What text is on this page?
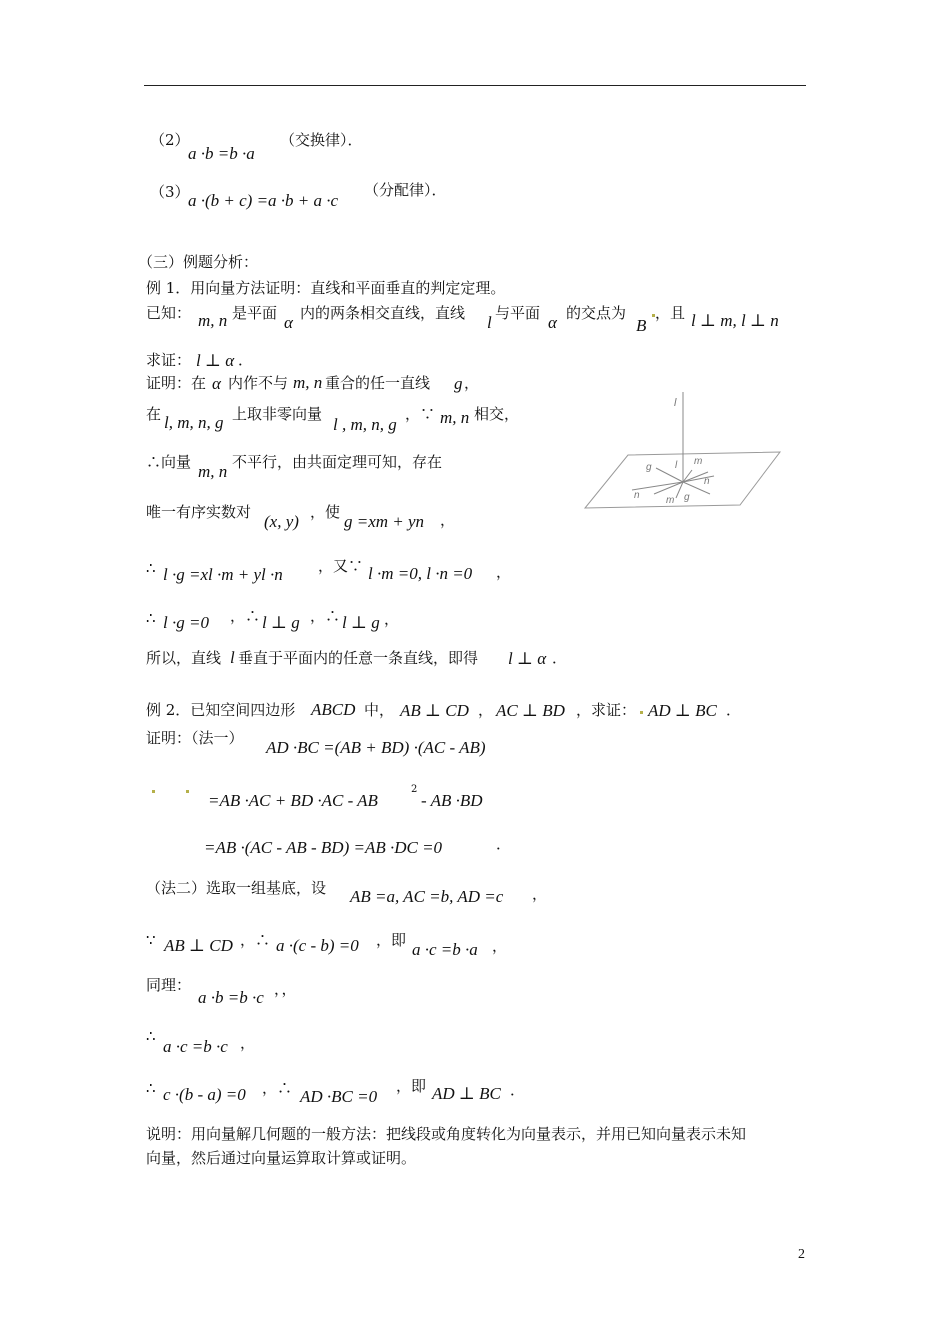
（2）
a ·b =b ·a
（交换律）．
（3）
a ·(b + c) =a ·b + a ·c
（分配律）．
（三）例题分析：
例 1．用向量方法证明：直线和平面垂直的判定定理。
已知： m, n 是平面 α 内的两条相交直线，直线 l 与平面 α 的交点为
B
，且 l ⊥ m, l ⊥ n
求证： l ⊥ α ．
证明：在 α 内作不与 m, n 重合的任一直线 g ，
在 l, m, n, g 上取非零向量
l , m, n, g
，∵ m, n 相交，
∴向量 m, n 不平行，由共面定理可知，存在
唯一有序实数对 (x, y) ，使 g =xm + yn ，
∴ l ·g =xl ·m + yl ·n ，又∵ l ·m =0, l ·n =0 ，
∴ l ·g =0 ，∴ l ⊥ g ，∴ l ⊥ g ，
所以，直线 l 垂直于平面内的任意一条直线，即得 l ⊥ α ．
l
g l m
n
n	m g
例 2．已知空间四边形 ABCD 中， AB ⊥ CD ， AC ⊥ BD ，求证： AD ⊥ BC ．
证明：（法一） AD ·BC =(AB + BD) ·(AC - AB)
=AB ·AC + BD ·AC - AB
2
- AB ·BD
=AB ·(AC - AB - BD) =AB ·DC =0	．
（法二）选取一组基底，设 AB =a, AC =b, AD =c ，
∵ AB ⊥ CD ，∴ a ·(c - b) =0 ，即 a ·c =b ·a ，
同理：
a ·b =b ·c ，，
∴
a ·c =b ·c ，
∴ c ·(b - a) =0 ，∴ AD ·BC =0
，即 AD ⊥ BC ．
说明：用向量解几何题的一般方法：把线段或角度转化为向量表示，并用已知向量表示未知
向量，然后通过向量运算取计算或证明。
2
